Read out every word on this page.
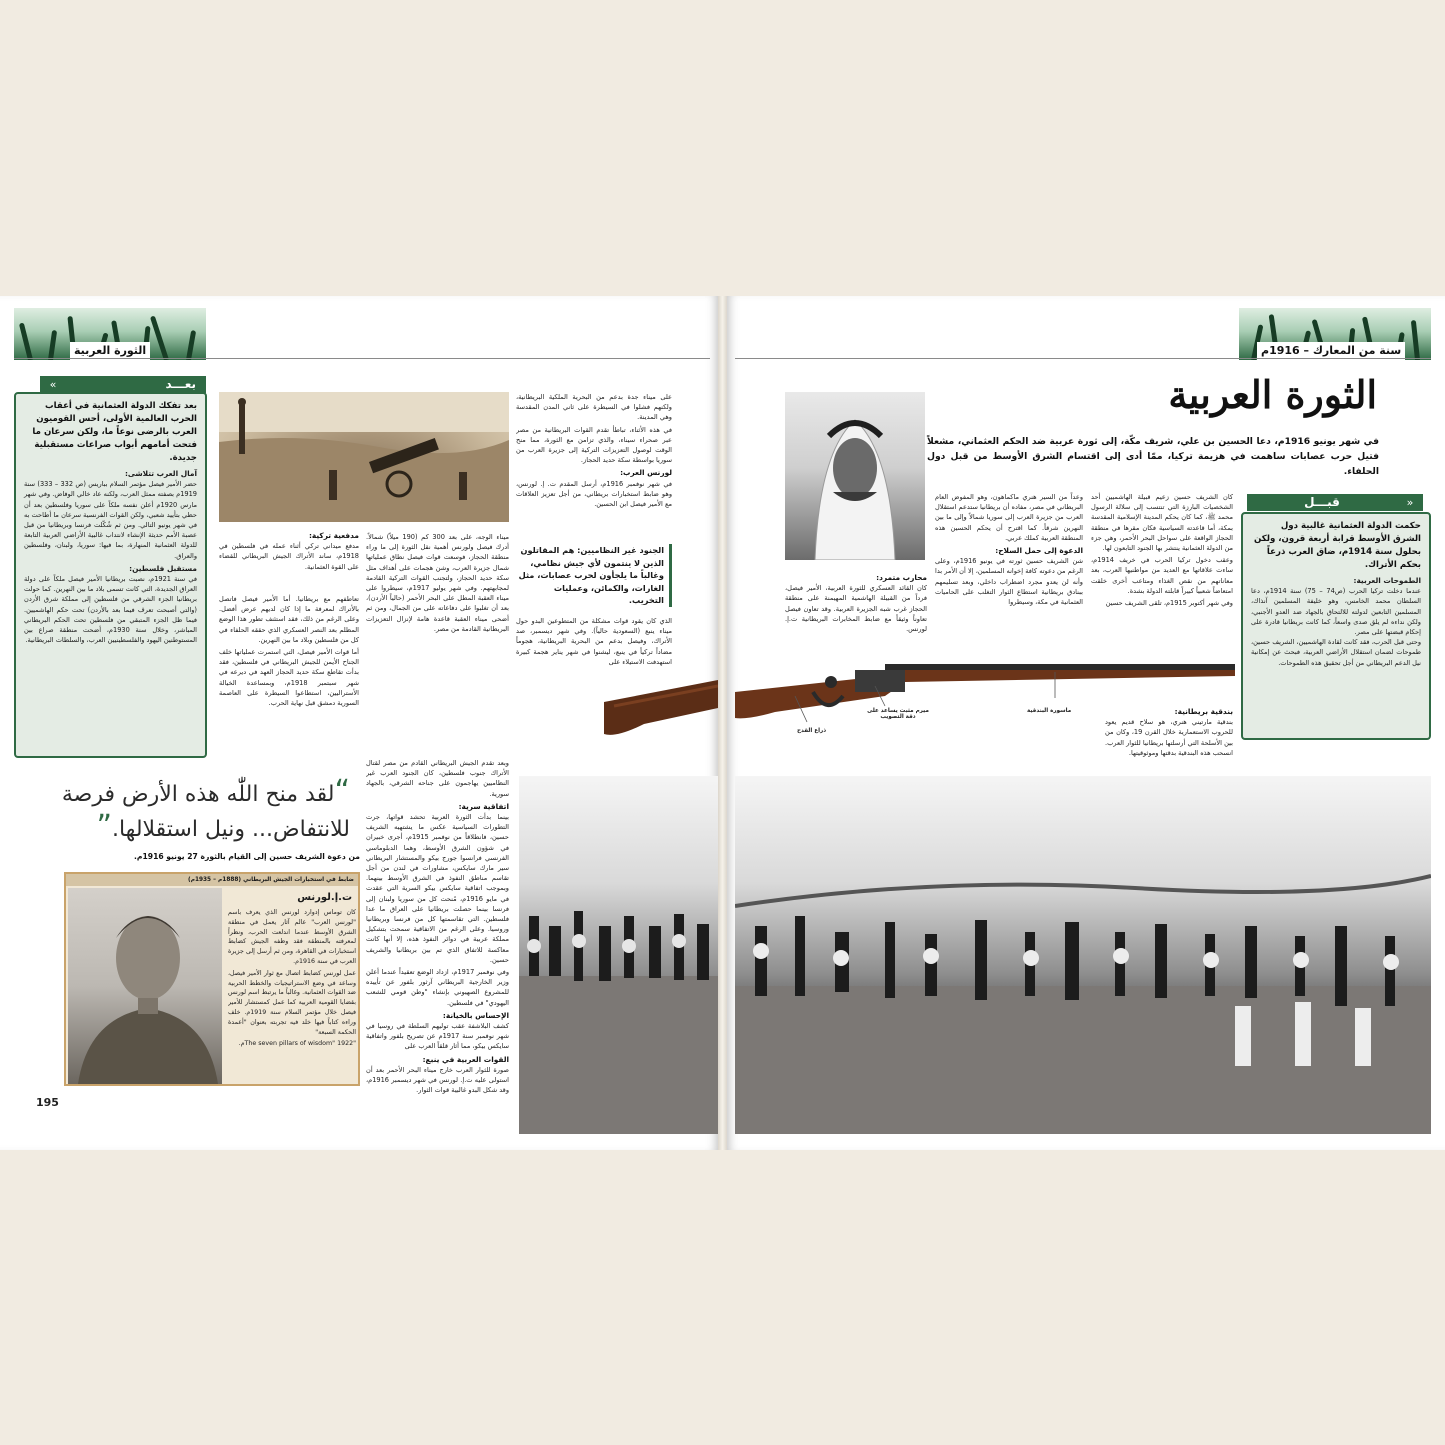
الثورة العربية
بعد تفكك الدولة العثمانية في أعقاب الحرب العالمية الأولى، أحس القوميون العرب بالرضى نوعاً ما، ولكن سرعان ما فتحت أمامهم أبواب صراعات مستقبلية جديدة.
آمال العرب تتلاشى:

حضر الأمير فيصل مؤتمر السلام بباريس (ص 332 – 333) سنة 1919م بصفته ممثل العرب، ولكنه عاد خالي الوفاض. وفي شهر مارس 1920م أعلن نفسه ملكاً على سوريا وفلسطين بعد أن حظي بتأييد شعبي، ولكن القوات الفرنسية سرعان ما أطاحت به في شهر يونيو التالي. ومن ثم شُكّلت فرنسا وبريطانيا من قبل عصبة الأمم حديثة الإنشاء لانتداب غالبية الأراضي العربية التابعة للدولة العثمانية المنهارة، بما فيها: سوريا، ولبنان، وفلسطين والعراق.

مستقبل فلسطين:

في سنة 1921م، نصبت بريطانيا الأمير فيصل ملكاً على دولة العراق الجديدة، التي كانت تسمى بلاد ما بين النهرين. كما حولت بريطانيا الجزء الشرقي من فلسطين إلى مملكة شرق الأردن (والتي أصبحت تعرف فيما بعد بالأردن) تحت حكم الهاشميين. فيما ظل الجزء المتبقي من فلسطين تحت الحكم البريطاني المباشر، وخلال سنة 1930م، أضحت منطقة صراع بين المستوطنين اليهود والفلسطينيين العرب، والسلطات البريطانية.

«	بعـــد
مدفعية تركية:

مدفع ميداني تركي أثناء عمله في فلسطين في 1918م، ساند الأتراك الجيش البريطاني للقضاء على القوة العثمانية.

تعاطفهم مع بريطانيا. أما الأمير فيصل فاتصل بالأتراك لمعرفة ما إذا كان لديهم عرض أفضل. وعلى الرغم من ذلك، فقد استئنف تطور هذا الوضع المظلم بعد النصر العسكري الذي حققه الحلفاء في كل من فلسطين وبلاد ما بين النهرين.

أما قوات الأمير فيصل، التي استمرت عملياتها خلف الجناح الأيمن للجيش البريطاني في فلسطين، فقد بدأت تقاطع سكة حديد الحجاز العهد في ديرعه في شهر سبتمبر 1918م، وبمساعدة الخيالة الأستراليين، استطاعوا السيطرة على العاصمة السورية دمشق قبل نهاية الحرب.

ميناء الوجه، على بعد 300 كم (190 ميلاً) شمالاً. أدرك فيصل ولورنس أهمية نقل الثورة إلى ما وراء منطقة الحجاز، فوسعت قوات فيصل نطاق عملياتها شمال جزيرة العرب، وشن هجمات على أهداف مثل سكة حديد الحجاز، ولتجنب القوات التركية القادمة لمجابهتهم. وفي شهر يوليو 1917م، سيطروا على ميناء العقبة المطل على البحر الأحمر (حالياً الأردن)، بعد أن تغلبوا على دفاعاته على من الجمال، ومن ثم أضحى ميناء العقبة قاعدة هامة لإنزال التعزيزات البريطانية القادمة من مصر.

على ميناء جدة بدعم من البحرية الملكية البريطانية، ولكنهم فشلوا في السيطرة على ثاني المدن المقدسة وهي المدينة.

في هذه الأثناء، تباطأ تقدم القوات البريطانية من مصر عبر صحراء سيناء، والذي تزامن مع الثورة، مما منح الوقت لوصول التعزيزات التركية إلى جزيرة العرب من سوريا بواسطة سكة حديد الحجاز.

لورنس العرب:

في شهر نوفمبر 1916م، أرسل المقدم ت. إ. لورنس، وهو ضابط استخبارات بريطاني، من أجل تعزيز العلاقات مع الأمير فيصل ابن الحسين.

الجنود غير النظاميين: هم المقاتلون الذين لا ينتمون لأي جيش نظامي، وغالباً ما يلجأون لحرب عصابات، مثل الغارات، والكمائن، وعمليات التخريب.

الذي كان يقود قوات مشكلة من المتطوعين البدو حول ميناء ينبع (السعودية حالياً). وفي شهر ديسمبر، صد الأتراك، وفيصل بدعم من البحرية البريطانية، هجوماً مضاداً تركياً في ينبع، ليشنوا في شهر يناير هجمة كبيرة استهدفت الاستيلاء على

وبعد تقدم الجيش البريطاني القادم من مصر لقتال الأتراك جنوب فلسطين، كان الجنود العرب غير النظاميين يهاجمون على جناحه الشرقي، بالجهاد سورية.

اتفاقية سرية:

بينما بدأت الثورة العربية تحشد قواتها، جرت التطورات السياسية عكس ما يشتهيه الشريف حسين، فانطلاقاً من نوفمبر 1915م، أجرى خبيران في شؤون الشرق الأوسط، وهما الدبلوماسي الفرنسي فرانسوا جورج بيكو والمستشار البريطاني سير مارك سايكس، مشاورات في لندن من أجل تقاسم مناطق النفوذ في الشرق الأوسط بينهما. وبموجب اتفاقية سايكس بيكو السرية التي عقدت في مايو 1916م، مُنحت كل من سوريا ولبنان إلى فرنسا بينما حصلت بريطانيا على العراق ما عدا فلسطين. التي تقاسمتها كل من فرنسا وبريطانيا وروسيا. وعلى الرغم من الاتفاقية سمحت بتشكيل مملكة عربية في دوائر النفوذ هذه، إلا أنها كانت معاكسة للاتفاق الذي تم بين بريطانيا والشريف حسين.

وفي نوفمبر 1917م، ازداد الوضع تعقيداً عندما أعلن وزير الخارجية البريطاني آرثور بلفور عن تأييده للمشروع الصهيوني بإنشاء "وطن قومي للشعب اليهودي" في فلسطين.

الإحساس بالخيانة:

كشف البلاشفة عقب توليهم السلطة في روسيا في شهر نوفمبر سنة 1917م عن تصريح بلفور واتفاقية سايكس بيكو، مما أثار قلقاً العرب على

القوات العربية في ينبع:

صورة للثوار العرب خارج ميناء البحر الأحمر بعد أن استولى عليه ت.إ. لورنس في شهر ديسمبر 1916م، وقد شكل البدو غالبية قوات الثوار.

“لقد منح اللّٰه هذه الأرض فرصة للانتفاض... ونيل استقلالها.”
من دعوة الشريف حسين إلى القيام بالثورة 27 يونيو 1916م.
ضابط في استخبارات الجيش البريطاني (1888م – 1935م)
ت.إ.لورنس

كان توماس إدوارد لورنس الذي يعرف باسم "لورنس العرب" عالم آثار يعمل في منطقة الشرق الأوسط عندما اندلعت الحرب، ونظراً لمعرفته بالمنطقة فقد وظفه الجيش كضابط استخبارات في القاهرة، ومن ثم أرسل إلى جزيرة العرب في سنة 1916م.

عمل لورنس كضابط اتصال مع ثوار الأمير فيصل، وساعد في وضع الاستراتيجيات والخطط الحربية ضد القوات العثمانية. وغالباً ما يرتبط اسم لورنس بقضايا القومية العربية كما عمل كمستشار للأمير فيصل خلال مؤتمر السلام سنة 1919م. خلف وراءه كتاباً فيها خلد فيه تجربته بعنوان "أعمدة الحكمة السبعة"

"The seven pillars of wisdom" 1922م.

195
سنة من المعارك – 1916م
الثورة العربية
في شهر يونيو 1916م، دعا الحسين بن علي، شريف مكّة، إلى ثورة عربية ضد الحكم العثماني، مشعلاً فتيل حرب عصابات ساهمت في هزيمة تركيا، ممّا أدى إلى اقتسام الشرق الأوسط من قبل دول الحلفاء.
حكمت الدولة العثمانية غالبية دول الشرق الأوسط قرابة أربعة قرون، ولكن بحلول سنة 1914م، ضاق العرب ذرعاً بحكم الأتراك.
الطموحات العربية:

عندما دخلت تركيا الحرب (ص74 – 75) سنة 1914م، دعا السلطان محمد الخامس، وهو خليفة المسلمين آنذاك، المسلمين التابعين لدولته للالتحاق بالجهاد ضد العدو الأجنبي، ولكن نداءه لم يلق صدى واسعاً، كما كانت بريطانيا قادرة على إحكام قبضتها على مصر.

وحتى قبل الحرب، فقد كانت لقادة الهاشميين، الشريف حسين، طموحات لضمان استقلال الأراضي العربية، فبحث عن إمكانية نيل الدعم البريطاني من أجل تحقيق هذه الطموحات.

قبـــل	»

كان الشريف حسين زعيم قبيلة الهاشميين أحد الشخصيات البارزة التي تنتسب إلى سلالة الرسول محمد ﷺ، كما كان يحكم المدينة الإسلامية المقدسة بمكة، أما قاعدته السياسية فكان مقرها في منطقة الحجاز الواقعة على سواحل البحر الأحمر، وهي جزء من الدولة العثمانية ينتشر بها الجنود التابعون لها.

وعقب دخول تركيا الحرب في خريف 1914م، ساءت علاقاتها مع العديد من مواطنيها العرب، بعد معاناتهم من نقص الغذاء ومتاعب أخرى خلقت امتعاضاً شعبياً كبيراً قابلته الدولة بشدة.

وفي شهر أكتوبر 1915م، تلقى الشريف حسين

وعداً من السير هنري ماكماهون، وهو المفوض العام البريطاني في مصر، مفاده أن بريطانيا ستدعم استقلال العرب من جزيرة العرب إلى سوريا شمالاً وإلى ما بين النهرين شرقاً. كما اقترح أن يحكم الحسين هذه المنطقة العربية كملك عربي.

الدعوة إلى حمل السلاح:

شن الشريف حسين ثورته في يونيو 1916م، وعلى الرغم من دعوته كافة إخوانه المسلمين، إلا أن الأمر بدا وأنه لن يعدو مجرد اضطراب داخلي، وبعد تسليمهم ببنادق بريطانية استطاع الثوار التغلب على الحاميات العثمانية في مكة، وسيطروا

محارب متمرد:

كان القائد العسكري للثورة العربية، الأمير فيصل، فرداً من القبيلة الهاشمية المهيمنة على منطقة الحجاز غرب شبه الجزيرة العربية. وقد تعاون فيصل تعاوناً وثيقاً مع ضابط المخابرات البريطانية ت.إ. لورنس.

ماسورة البندقية
ميرم مثبت يساعد على دقة التصويب
ذراع القدح
بندقية بريطانية:

بندقية مارتيني هنري، هو سلاح قديم يعود للحروب الاستعمارية خلال القرن 19، وكان من بين الأسلحة التي أرسلتها بريطانيا للثوار العرب. انسحب هذه البندقية بدقتها وموثوقيتها.
